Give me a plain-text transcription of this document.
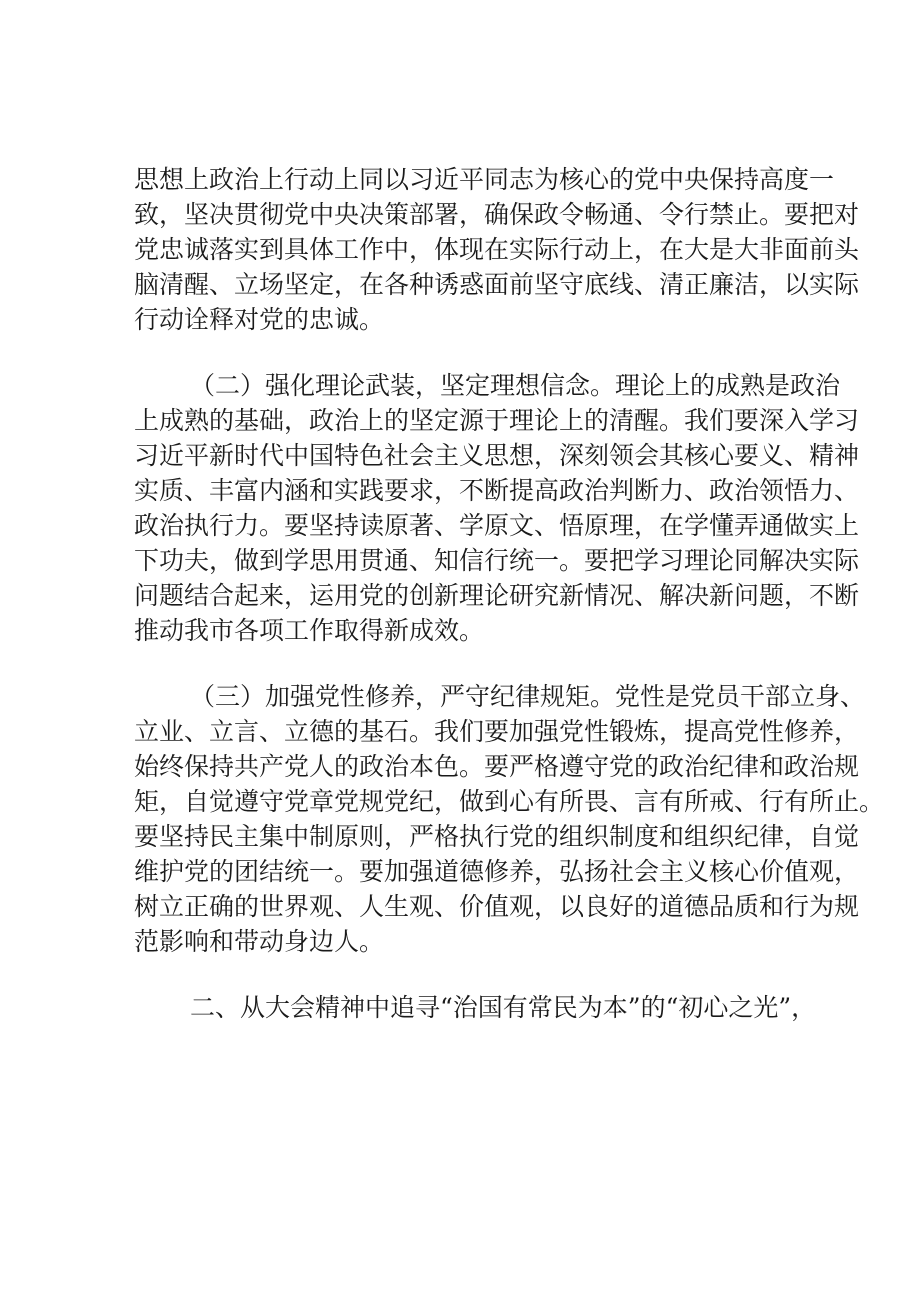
思想上政治上行动上同以习近平同志为核心的党中央保持高度一
致，坚决贯彻党中央决策部署，确保政令畅通、令行禁止。要把对
党忠诚落实到具体工作中，体现在实际行动上，在大是大非面前头
脑清醒、立场坚定，在各种诱惑面前坚守底线、清正廉洁，以实际
行动诠释对党的忠诚。
（二）强化理论武装，坚定理想信念。理论上的成熟是政治
上成熟的基础，政治上的坚定源于理论上的清醒。我们要深入学习
习近平新时代中国特色社会主义思想，深刻领会其核心要义、精神
实质、丰富内涵和实践要求，不断提高政治判断力、政治领悟力、
政治执行力。要坚持读原著、学原文、悟原理，在学懂弄通做实上
下功夫，做到学思用贯通、知信行统一。要把学习理论同解决实际
问题结合起来，运用党的创新理论研究新情况、解决新问题，不断
推动我市各项工作取得新成效。
（三）加强党性修养，严守纪律规矩。党性是党员干部立身、
立业、立言、立德的基石。我们要加强党性锻炼，提高党性修养，
始终保持共产党人的政治本色。要严格遵守党的政治纪律和政治规
矩，自觉遵守党章党规党纪，做到心有所畏、言有所戒、行有所止。
要坚持民主集中制原则，严格执行党的组织制度和组织纪律，自觉
维护党的团结统一。要加强道德修养，弘扬社会主义核心价值观，
树立正确的世界观、人生观、价值观，以良好的道德品质和行为规
范影响和带动身边人。
二、从大会精神中追寻“治国有常民为本”的“初心之光”，
